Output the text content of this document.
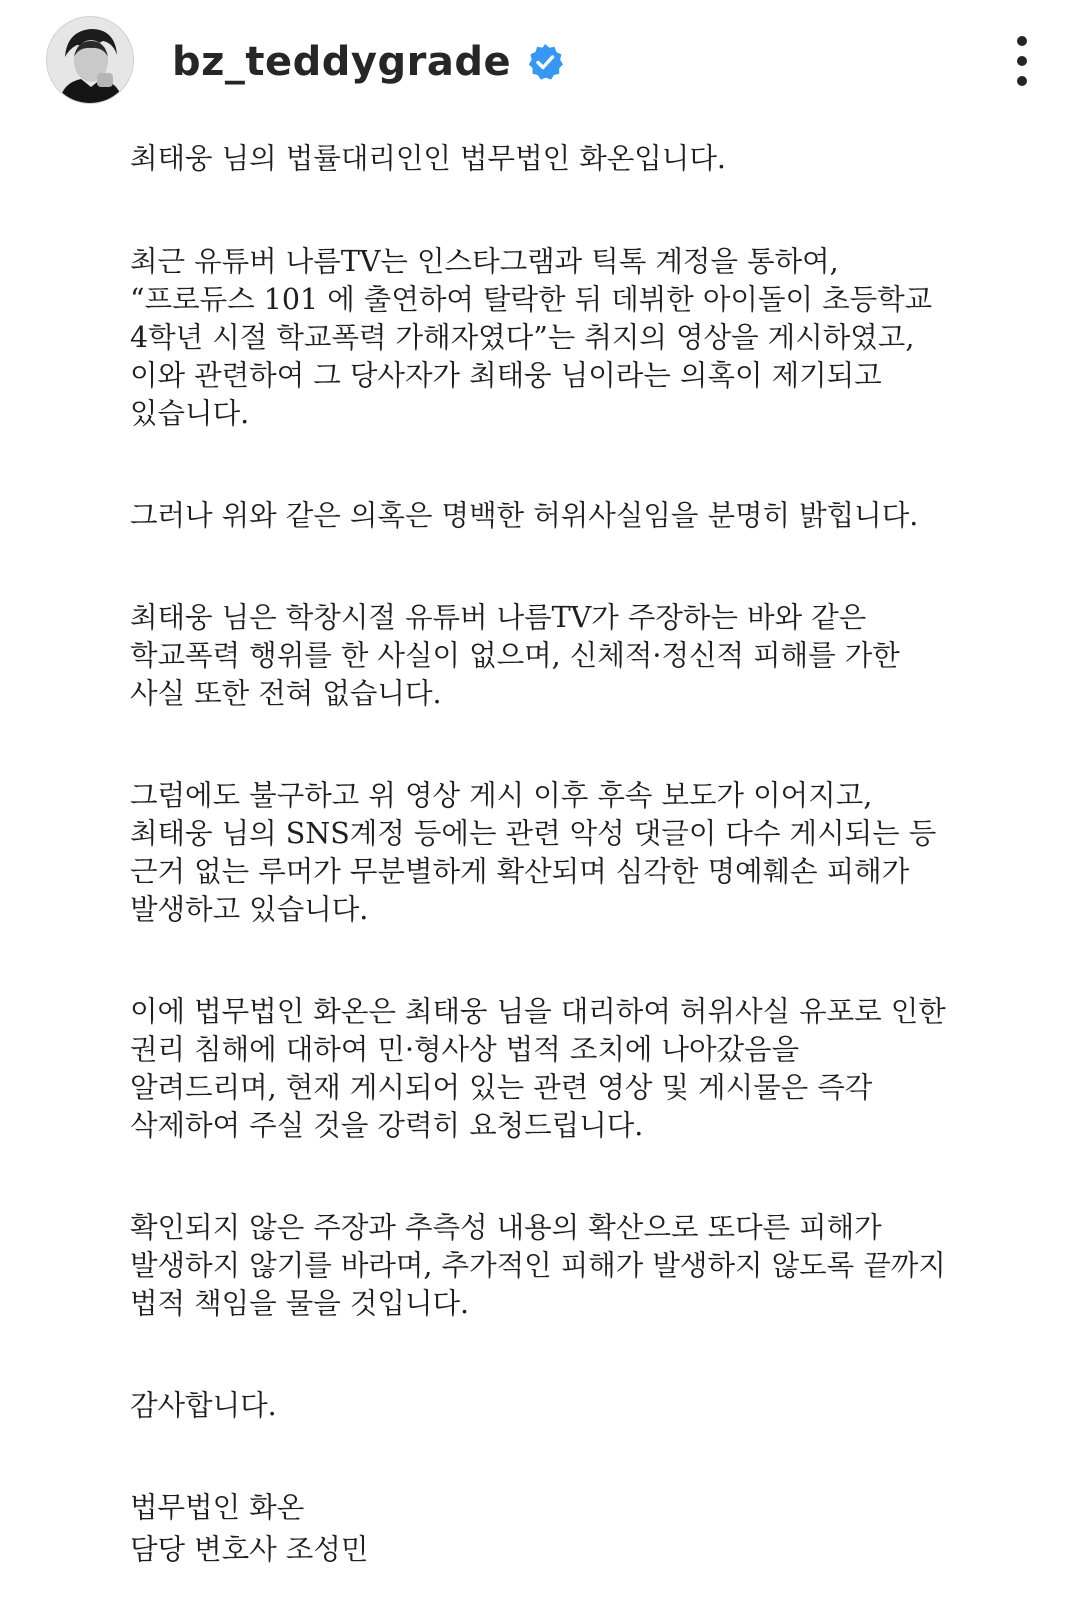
bz_teddygrade

최태웅 님의 법률대리인인 법무법인 화온입니다.

최근 유튜버 나름TV는 인스타그램과 틱톡 계정을 통하여, “프로듀스 101 에 출연하여 탈락한 뒤 데뷔한 아이돌이 초등학교 4학년 시절 학교폭력 가해자였다”는 취지의 영상을 게시하였고, 이와 관련하여 그 당사자가 최태웅 님이라는 의혹이 제기되고 있습니다.

그러나 위와 같은 의혹은 명백한 허위사실임을 분명히 밝힙니다.

최태웅 님은 학창시절 유튜버 나름TV가 주장하는 바와 같은 학교폭력 행위를 한 사실이 없으며, 신체적·정신적 피해를 가한 사실 또한 전혀 없습니다.

그럼에도 불구하고 위 영상 게시 이후 후속 보도가 이어지고, 최태웅 님의 SNS계정 등에는 관련 악성 댓글이 다수 게시되는 등 근거 없는 루머가 무분별하게 확산되며 심각한 명예훼손 피해가 발생하고 있습니다.

이에 법무법인 화온은 최태웅 님을 대리하여 허위사실 유포로 인한 권리 침해에 대하여 민·형사상 법적 조치에 나아갔음을 알려드리며, 현재 게시되어 있는 관련 영상 및 게시물은 즉각 삭제하여 주실 것을 강력히 요청드립니다.

확인되지 않은 주장과 추측성 내용의 확산으로 또다른 피해가 발생하지 않기를 바라며, 추가적인 피해가 발생하지 않도록 끝까지 법적 책임을 물을 것입니다.

감사합니다.

법무법인 화온

담당 변호사 조성민
